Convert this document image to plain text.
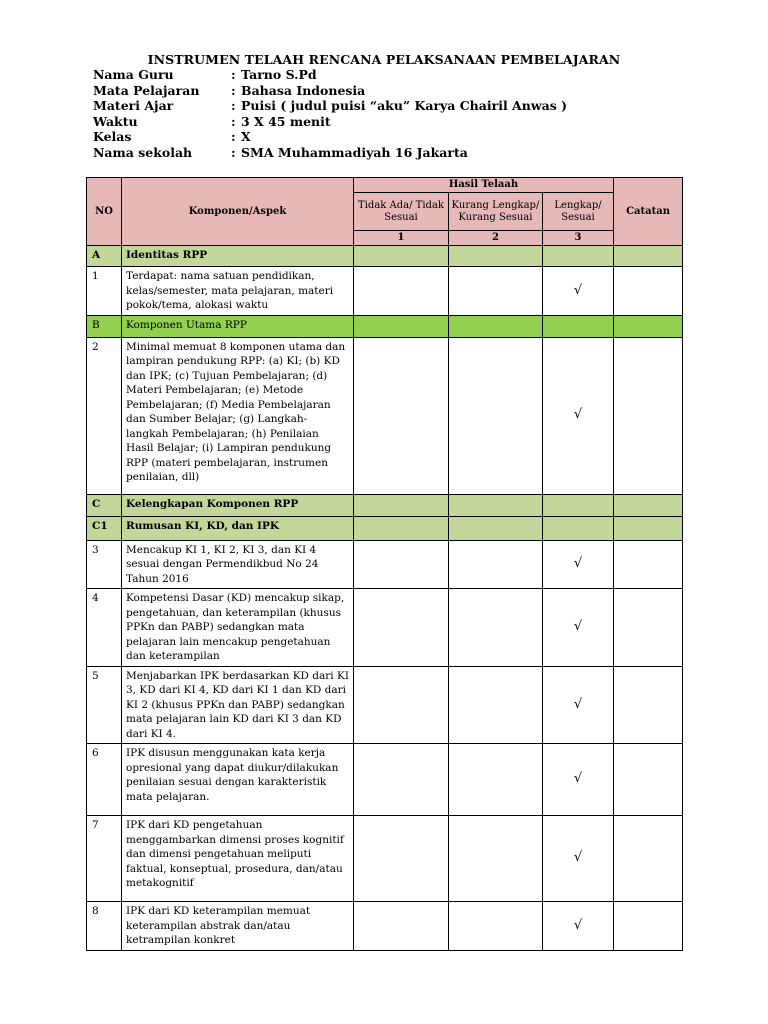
INSTRUMEN TELAAH RENCANA PELAKSANAAN PEMBELAJARAN
Nama Guru	: Tarno S.Pd
Mata Pelajaran	: Bahasa Indonesia
Materi Ajar	: Puisi ( judul puisi “aku” Karya Chairil Anwas )
Waktu	: 3 X 45 menit
Kelas	: X
Nama sekolah	: SMA Muhammadiyah 16 Jakarta
NO	Komponen/Aspek	Hasil Telaah			Catatan
		Tidak Ada/ Tidak Sesuai	Kurang Lengkap/ Kurang Sesuai	Lengkap/ Sesuai	
		1	2	3	
A	Identitas RPP				
1	Terdapat: nama satuan pendidikan, kelas/semester, mata pelajaran, materi pokok/tema, alokasi waktu			√	
B	Komponen Utama RPP				
2	Minimal memuat 8 komponen utama dan lampiran pendukung RPP: (a) KI; (b) KD dan IPK; (c) Tujuan Pembelajaran; (d) Materi Pembelajaran; (e) Metode Pembelajaran; (f) Media Pembelajaran dan Sumber Belajar; (g) Langkah-langkah Pembelajaran; (h) Penilaian Hasil Belajar; (i) Lampiran pendukung RPP (materi pembelajaran, instrumen penilaian, dll)			√	
C	Kelengkapan Komponen RPP				
C1	Rumusan KI, KD, dan IPK				
3	Mencakup KI 1, KI 2, KI 3, dan KI 4 sesuai dengan Permendikbud No 24 Tahun 2016			√	
4	Kompetensi Dasar (KD) mencakup sikap, pengetahuan, dan keterampilan (khusus PPKn dan PABP) sedangkan mata pelajaran lain mencakup pengetahuan dan keterampilan			√	
5	Menjabarkan IPK berdasarkan KD dari KI 3, KD dari KI 4, KD dari KI 1 dan KD dari KI 2 (khusus PPKn dan PABP) sedangkan mata pelajaran lain KD dari KI 3 dan KD dari KI 4.			√	
6	IPK disusun menggunakan kata kerja opresional yang dapat diukur/dilakukan penilaian sesuai dengan karakteristik mata pelajaran.			√	
7	IPK dari KD pengetahuan menggambarkan dimensi proses kognitif dan dimensi pengetahuan meliputi faktual, konseptual, prosedura, dan/atau metakognitif			√	
8	IPK dari KD keterampilan memuat keterampilan abstrak dan/atau ketrampilan konkret			√	
